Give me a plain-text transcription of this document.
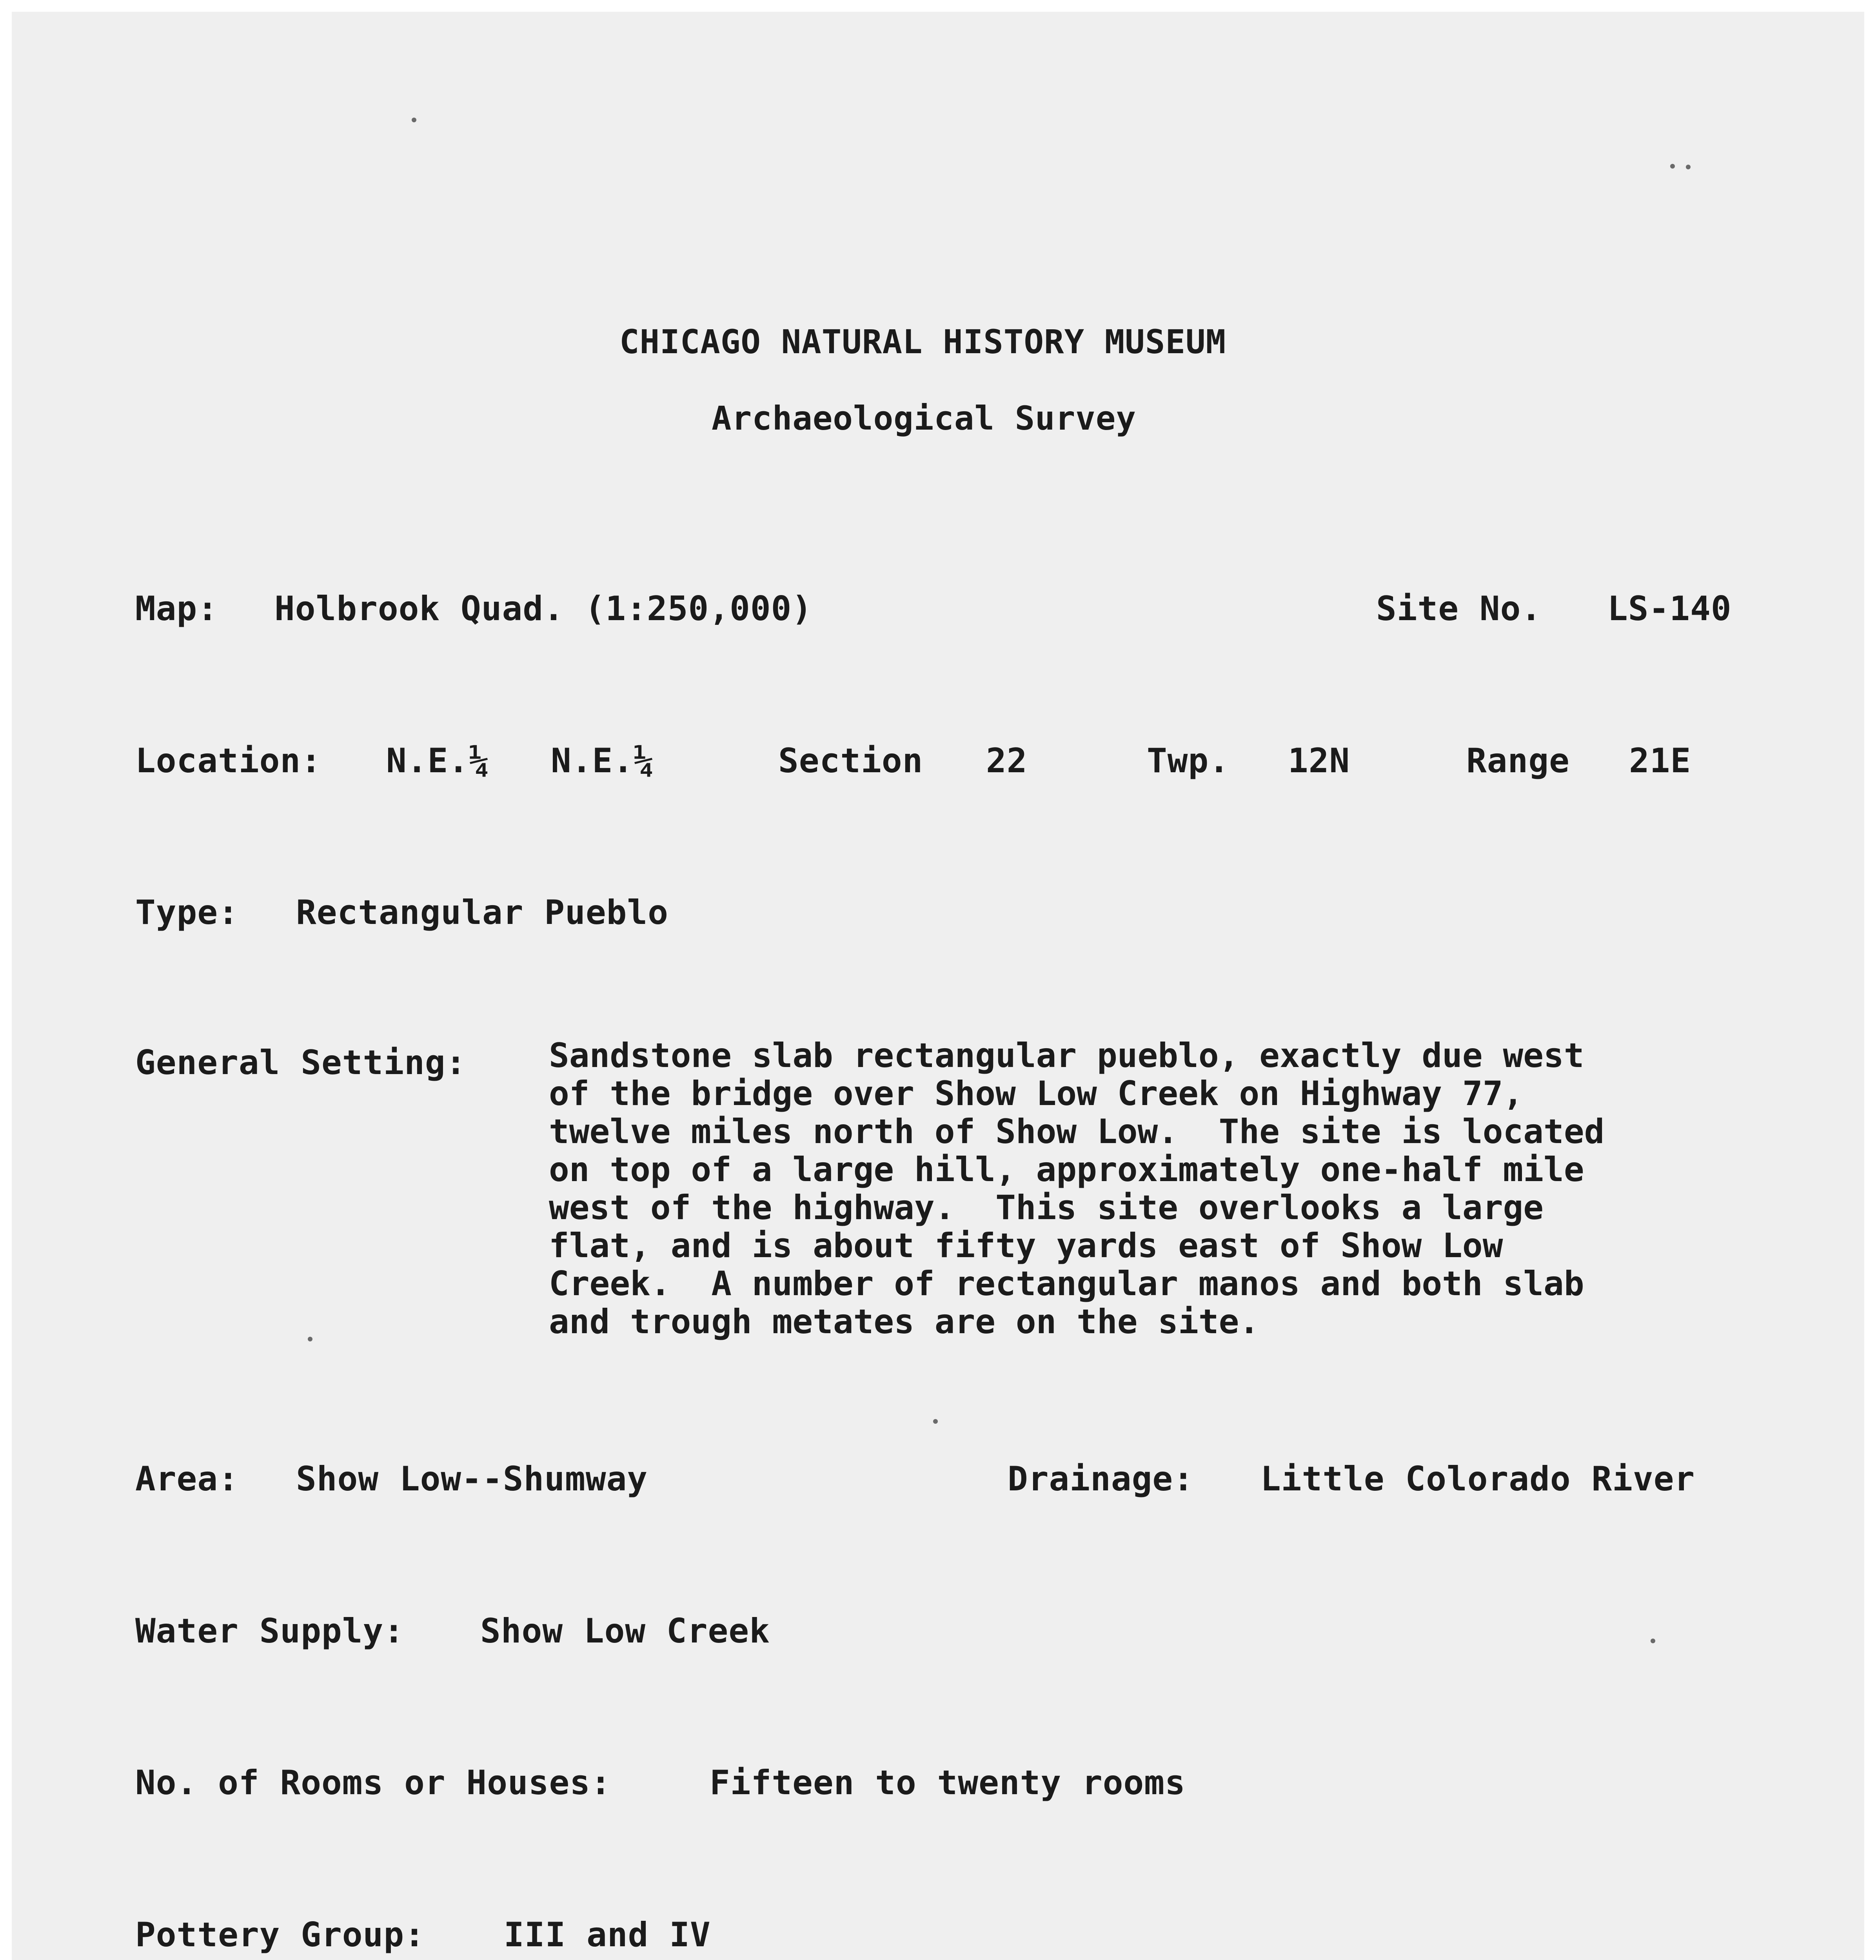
CHICAGO NATURAL HISTORY MUSEUM
Archaeological Survey
Map: Holbrook Quad. (1:250,000)	Site No. LS-140
Location: N.E.¼ N.E.¼	Section 22	Twp. 12N	Range 21E
Type: Rectangular Pueblo
General Setting: Sandstone slab rectangular pueblo, exactly due west
of the bridge over Show Low Creek on Highway 77,
twelve miles north of Show Low.  The site is located
on top of a large hill, approximately one-half mile
west of the highway.  This site overlooks a large
flat, and is about fifty yards east of Show Low
Creek.  A number of rectangular manos and both slab
and trough metates are on the site.
Area: Show Low--Shumway	Drainage: Little Colorado River
Water Supply: Show Low Creek
No. of Rooms or Houses:	Fifteen to twenty rooms
Pottery Group: III and IV
